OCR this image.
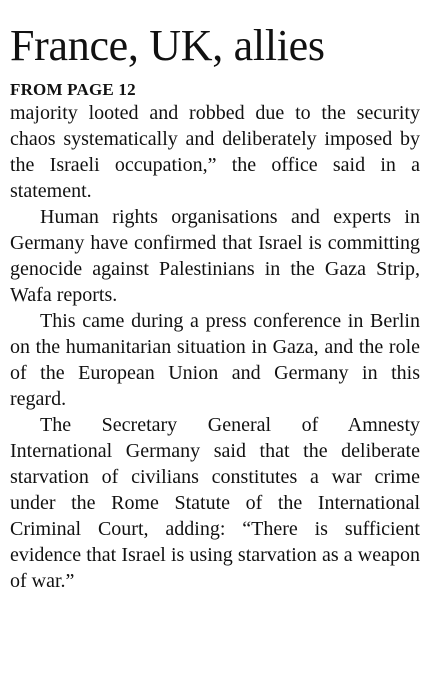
France, UK, allies
FROM PAGE 12

majority looted and robbed due to the security chaos systematically and deliberately imposed by the Israeli occupation,” the office said in a statement.

Human rights organisations and experts in Germany have confirmed that Israel is committing genocide against Palestinians in the Gaza Strip, Wafa reports.

This came during a press conference in Berlin on the humanitarian situation in Gaza, and the role of the European Union and Germany in this regard.

The Secretary General of Amnesty International Germany said that the deliberate starvation of civilians constitutes a war crime under the Rome Statute of the International Criminal Court, adding: “There is sufficient evidence that Israel is using starvation as a weapon of war.”
